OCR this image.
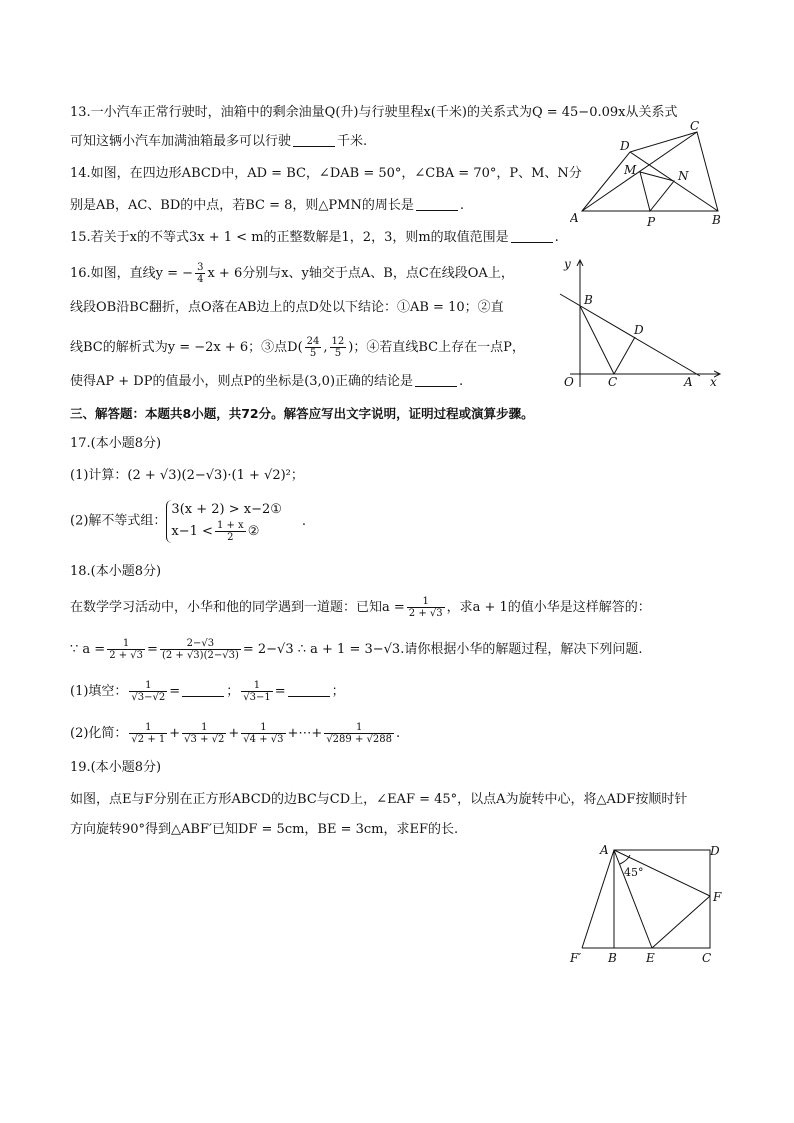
13.一小汽车正常行驶时，油箱中的剩余油量Q(升)与行驶里程x(千米)的关系式为Q = 45−0.09x从关系式
可知这辆小汽车加满油箱最多可以行驶	千米.
14.如图，在四边形ABCD中，AD = BC，∠DAB = 50°，∠CBA = 70°，P、M、N分
别是AB，AC、BD的中点，若BC = 8，则△PMN的周长是	.
A	B
C
D
M	N
P
15.若关于x的不等式3x + 1 < m的正整数解是1，2，3，则m的取值范围是	.
16.如图，直线y = − $\frac{3}{4}$ x + 6分别与x、y轴交于点A、B，点C在线段OA上，
线段OB沿BC翻折，点O落在AB边上的点D处以下结论：①AB = 10；②直
线BC的解析式为y = −2x + 6；③点$D( \frac{24}{5}$ , $\frac{12}{5}$ )；④若直线BC上存在一点P，
使得AP + DP的值最小，则点P的坐标是(3,0)正确的结论是	.
y
x
O	A
B
C
D
三、解答题：本题共8小题，共72分。解答应写出文字说明，证明过程或演算步骤。
17.(本小题8分)
(1)计算：(2 + √3)(2−√3)·(1 + √2)²；
(2)解不等式组：
3(x + 2) > x−2①
$x-1 < \frac{1 + x}{2}$ ②
.
18.(本小题8分)
在数学学习活动中，小华和他的同学遇到一道题：已知$a = \frac{1}{2 + √3}$ ，求a + 1的值小华是这样解答的：
∵ $a = \frac{1}{2 + √3} = \frac{2-√3}{(2 + √3)(2-√3)} = 2-√3$ ∴ a + 1 = 3−√3.请你根据小华的解题过程，解决下列问题.
(1)填空： $\frac{1}{√3-√2}$ =	； $\frac{1}{√3-1}$ =	；
(2)化简： $\frac{1}{√2 + 1} + \frac{1}{√3 + √2} + \frac{1}{√4 + √3}$ +⋯+ $\frac{1}{√289 + √288}$ .
19.(本小题8分)
如图，点E与F分别在正方形ABCD的边BC与CD上，∠EAF = 45°，以点A为旋转中心，将△ADF按顺时针
方向旋转90°得到△ABF′已知DF = 5cm，BE = 3cm，求EF的长.
A	D
F
F′ B E	C
45°
